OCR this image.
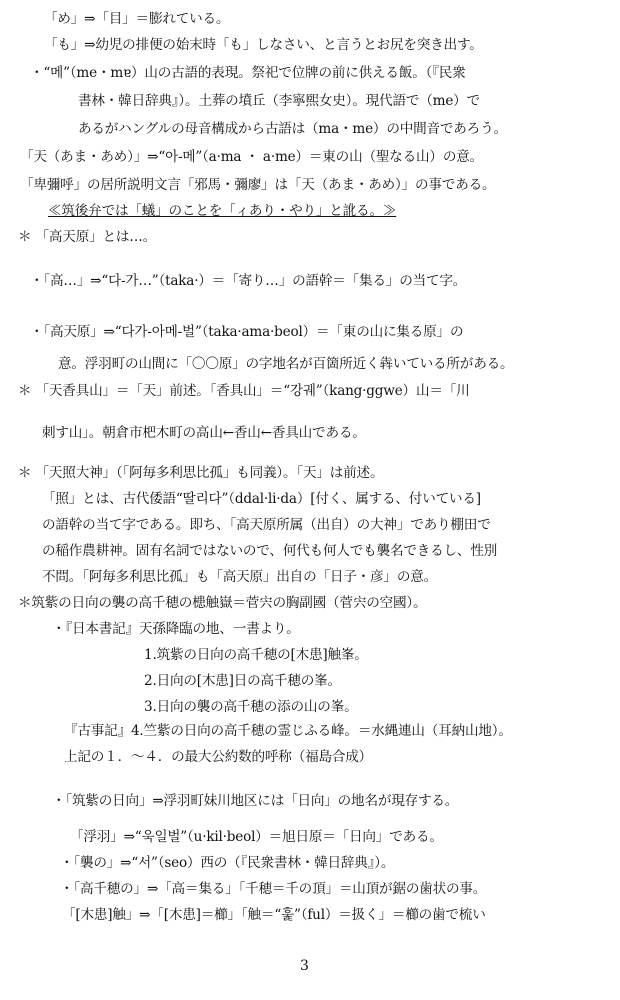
「め」⇒「目」＝膨れている。
「も」⇒幼児の排便の始末時「も」しなさい、と言うとお尻を突き出す。
・“메”（me・mɐ）山の古語的表現。祭祀で位牌の前に供える飯。（『民衆
書林・韓日辞典』）。土葬の墳丘（李寧煕女史）。現代語で（me）で
あるがハングルの母音構成から古語は（ma・me）の中間音であろう。
「天（あま・あめ）」⇒“아-메”（a·ma ・ a·me）＝東の山（聖なる山）の意。
「卑彌呼」の居所説明文言「邪馬・彌廖」は「天（あま・あめ）」の事である。
≪筑後弁では「蟻」のことを「ィあり・やり」と訛る。≫
＊ 「高天原」とは…。
・「高…」⇒“다-가…”（taka·）＝「寄り…」の語幹＝「集る」の当て字。
・「高天原」⇒“다가-아메-벌”（taka·ama·beol）＝「東の山に集る原」の
意。浮羽町の山間に「〇〇原」の字地名が百箇所近く犇いている所がある。
＊ 「天香具山」＝「天」前述。「香具山」＝“강궤”（kang·ggwe）山＝「川
刺す山」。朝倉市杷木町の高山←香山←香具山である。
＊ 「天照大神」（「阿毎多利思比孤」も同義）。「天」は前述。
「照」とは、古代倭語“딸리다”（ddal·li·da）[付く、属する、付いている]
の語幹の当て字である。即ち、「高天原所属（出自）の大神」であり棚田で
の稲作農耕神。固有名詞ではないので、何代も何人でも襲名できるし、性別
不問。「阿毎多利思比孤」も「高天原」出自の「日子・彦」の意。
＊筑紫の日向の襲の高千穂の槵触嶽＝菅宍の胸副國（菅宍の空國）。
・『日本書記』天孫降臨の地、一書より。
1.筑紫の日向の高千穂の[木患]触峯。
2.日向の[木患]日の高千穂の峯。
3.日向の襲の高千穂の添の山の峯。
『古事記』4.竺紫の日向の高千穂の霊じふる峰。＝水縄連山（耳納山地）。
上記の１．～４．の最大公約数的呼称（福島合成）
・「筑紫の日向」⇒浮羽町妹川地区には「日向」の地名が現存する。
「浮羽」⇒“욱일벌”（u·kil·beol）＝旭日原＝「日向」である。
・「襲の」⇒“서”（seo）西の（『民衆書林・韓日辞典』）。
・「高千穂の」⇒「高＝集る」「千穂＝千の頂」＝山頂が鋸の歯状の事。
「[木患]触」⇒「[木患]＝櫛」「触＝“훑”（ful）＝扱く」＝櫛の歯で梳い
3
